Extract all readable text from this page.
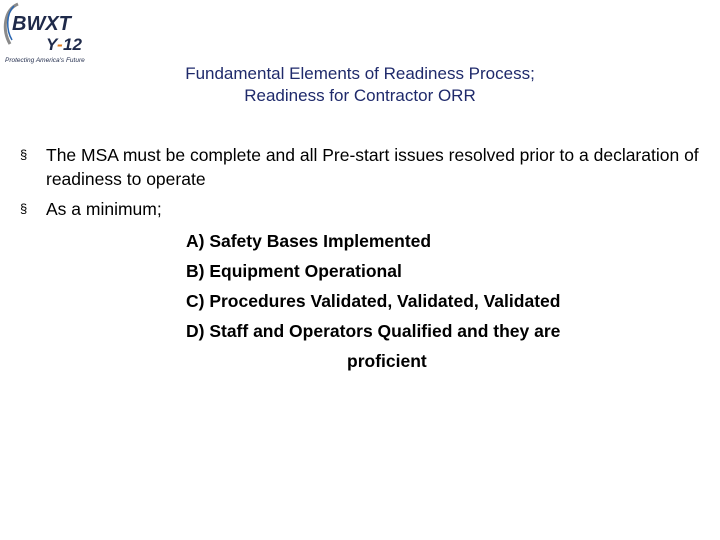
BWXT
Y - 12
Protecting America's Future
Fundamental Elements of Readiness Process;
Readiness for Contractor ORR
§ The MSA must be complete and all Pre-start issues resolved prior to a declaration of readiness to operate
§ As a minimum;
A) Safety Bases Implemented
B) Equipment Operational
C) Procedures Validated, Validated, Validated
D) Staff and Operators Qualified and they are
proficient
